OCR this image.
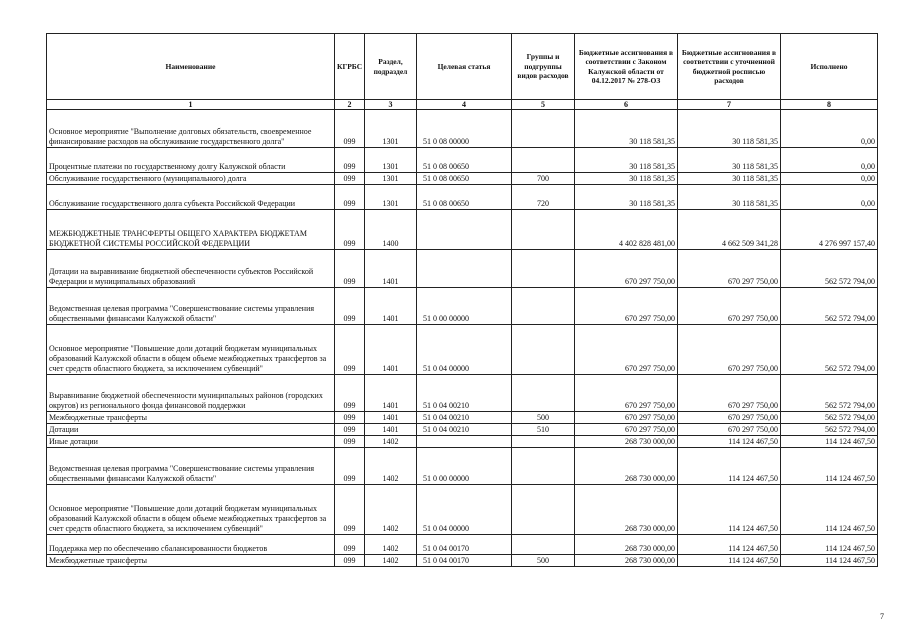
Наименование	КГРБС	Раздел, подраздел	Целевая статья	Группы и подгруппы видов расходов	Бюджетные ассигнования в соответствии с Законом Калужской области от 04.12.2017 № 278-ОЗ	Бюджетные ассигнования в соответствии с уточненной бюджетной росписью расходов	Исполнено
1	2	3	4	5	6	7	8
Основное мероприятие "Выполнение долговых обязательств, своевременное финансирование расходов на обслуживание государственного долга"	099	1301	51 0 08 00000		30 118 581,35	30 118 581,35	0,00
Процентные платежи по государственному долгу Калужской области	099	1301	51 0 08 00650		30 118 581,35	30 118 581,35	0,00
Обслуживание государственного (муниципального) долга	099	1301	51 0 08 00650	700	30 118 581,35	30 118 581,35	0,00
Обслуживание государственного долга субъекта Российской Федерации	099	1301	51 0 08 00650	720	30 118 581,35	30 118 581,35	0,00
МЕЖБЮДЖЕТНЫЕ ТРАНСФЕРТЫ ОБЩЕГО ХАРАКТЕРА БЮДЖЕТАМ БЮДЖЕТНОЙ СИСТЕМЫ РОССИЙСКОЙ ФЕДЕРАЦИИ	099	1400			4 402 828 481,00	4 662 509 341,28	4 276 997 157,40
Дотации на выравнивание бюджетной обеспеченности субъектов Российской Федерации и муниципальных образований	099	1401			670 297 750,00	670 297 750,00	562 572 794,00
Ведомственная целевая программа "Совершенствование системы управления общественными финансами Калужской области"	099	1401	51 0 00 00000		670 297 750,00	670 297 750,00	562 572 794,00
Основное мероприятие "Повышение доли дотаций бюджетам муниципальных образований Калужской области в общем объеме межбюджетных трансфертов за счет средств областного бюджета, за исключением субвенций"	099	1401	51 0 04 00000		670 297 750,00	670 297 750,00	562 572 794,00
Выравнивание бюджетной обеспеченности муниципальных районов (городских округов) из регионального фонда финансовой поддержки	099	1401	51 0 04 00210		670 297 750,00	670 297 750,00	562 572 794,00
Межбюджетные трансферты	099	1401	51 0 04 00210	500	670 297 750,00	670 297 750,00	562 572 794,00
Дотации	099	1401	51 0 04 00210	510	670 297 750,00	670 297 750,00	562 572 794,00
Иные дотации	099	1402			268 730 000,00	114 124 467,50	114 124 467,50
Ведомственная целевая программа "Совершенствование системы управления общественными финансами Калужской области"	099	1402	51 0 00 00000		268 730 000,00	114 124 467,50	114 124 467,50
Основное мероприятие "Повышение доли дотаций бюджетам муниципальных образований Калужской области в общем объеме межбюджетных трансфертов за счет средств областного бюджета, за исключением субвенций"	099	1402	51 0 04 00000		268 730 000,00	114 124 467,50	114 124 467,50
Поддержка мер по обеспечению сбалансированности бюджетов	099	1402	51 0 04 00170		268 730 000,00	114 124 467,50	114 124 467,50
Межбюджетные трансферты	099	1402	51 0 04 00170	500	268 730 000,00	114 124 467,50	114 124 467,50
7
